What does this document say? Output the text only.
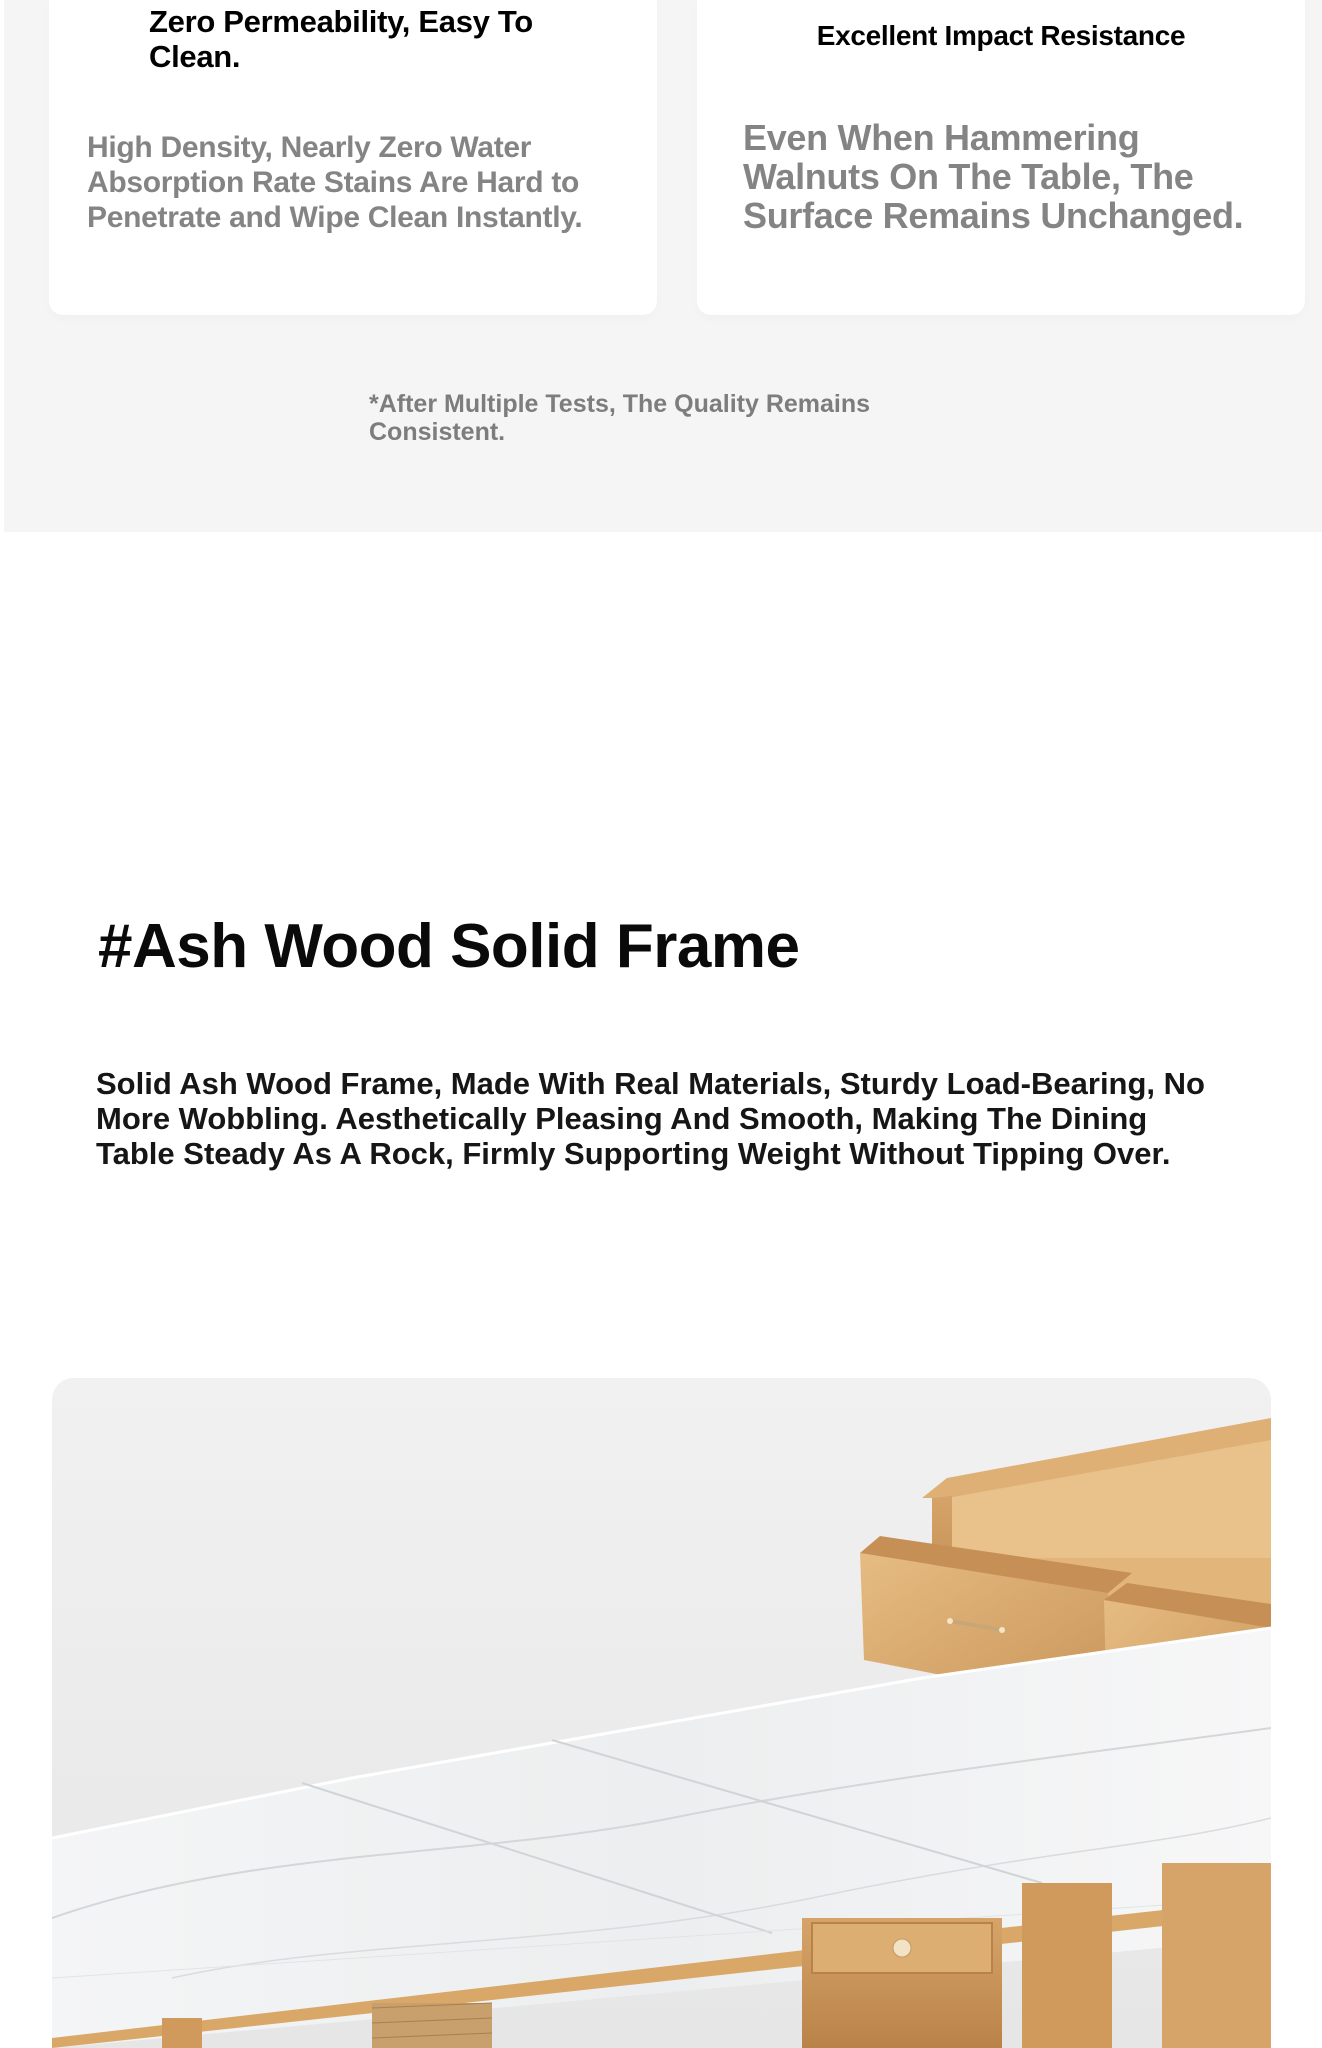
Zero Permeability, Easy To Clean.

High Density, Nearly Zero Water Absorption Rate Stains Are Hard to Penetrate and Wipe Clean Instantly.

Excellent Impact Resistance

Even When Hammering Walnuts On The Table, The Surface Remains Unchanged.

*After Multiple Tests, The Quality Remains Consistent.

#Ash Wood Solid Frame

Solid Ash Wood Frame, Made With Real Materials, Sturdy Load-Bearing, No More Wobbling. Aesthetically Pleasing And Smooth, Making The Dining Table Steady As A Rock, Firmly Supporting Weight Without Tipping Over.
